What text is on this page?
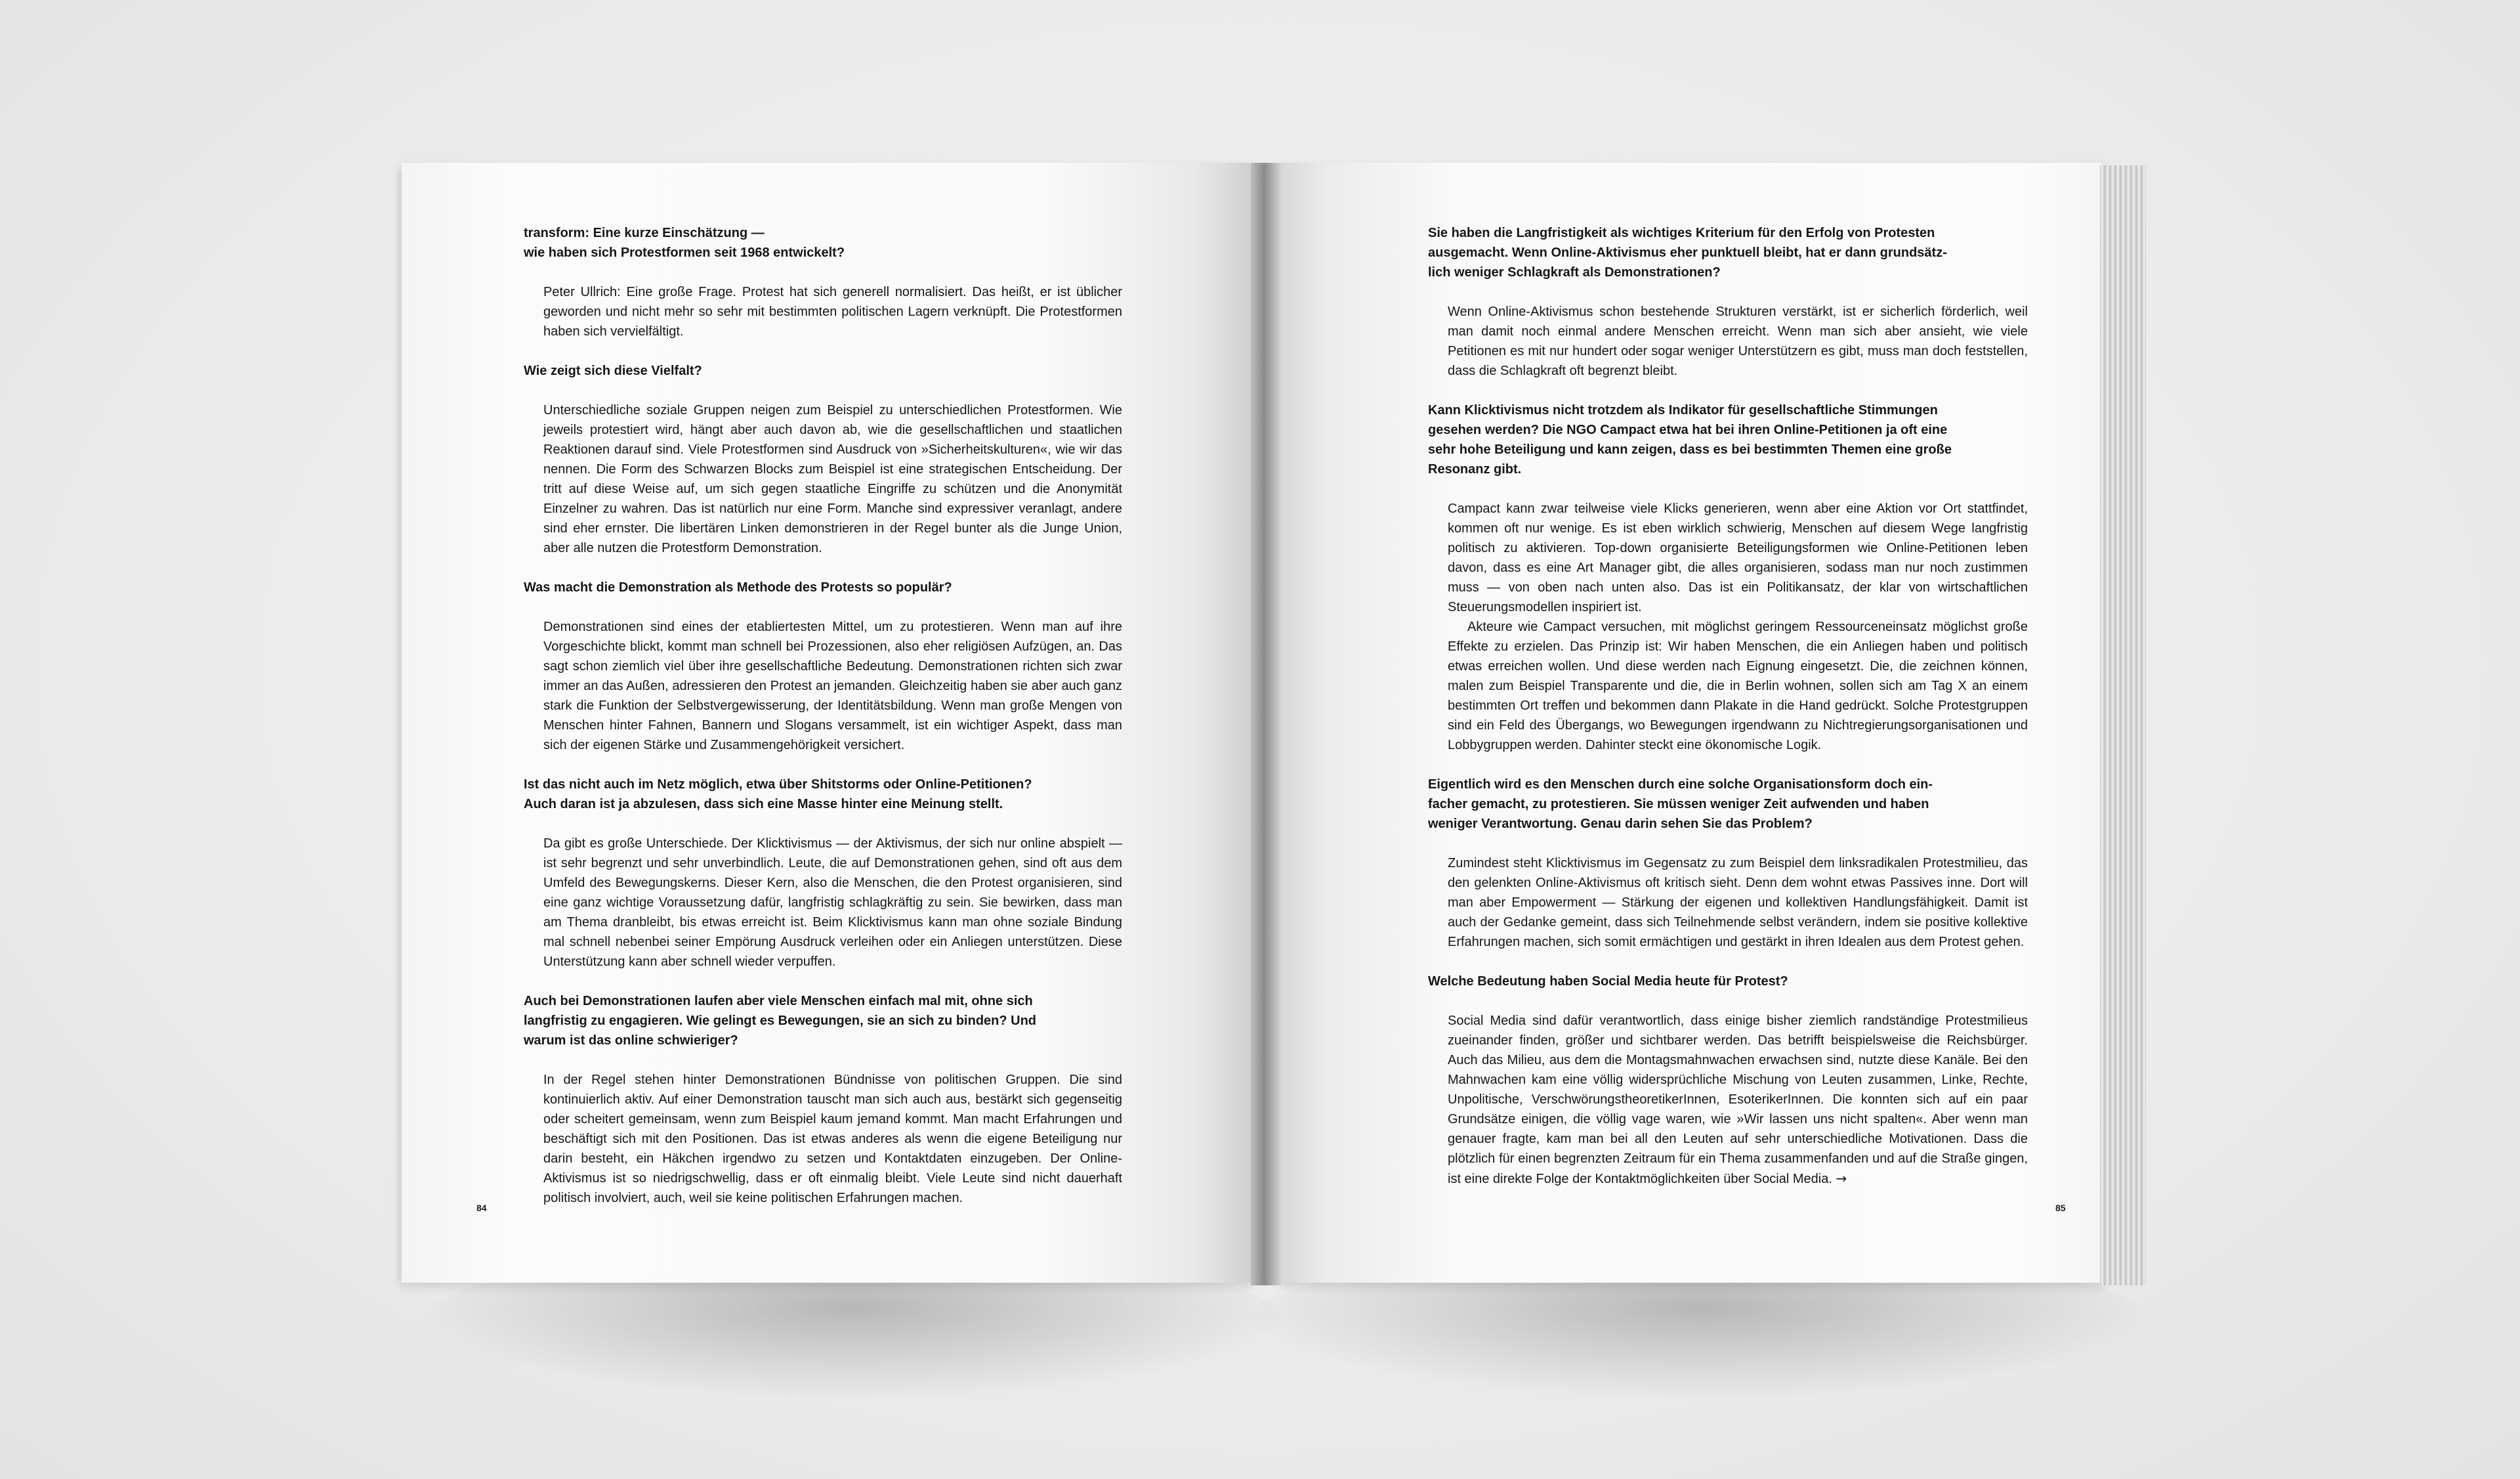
transform: Eine kurze Einschätzung —
wie haben sich Protestformen seit 1968 entwickelt?

Peter Ullrich: Eine große Frage. Protest hat sich generell normalisiert. Das heißt, er ist üblicher geworden und nicht mehr so sehr mit bestimmten politischen Lagern verknüpft. Die Protestformen haben sich vervielfältigt.

Wie zeigt sich diese Vielfalt?

Unterschiedliche soziale Gruppen neigen zum Beispiel zu unterschiedlichen Protestformen. Wie jeweils protestiert wird, hängt aber auch davon ab, wie die gesellschaftlichen und staatlichen Reaktionen darauf sind. Viele Protestformen sind Ausdruck von »Sicherheitskulturen«, wie wir das nennen. Die Form des Schwarzen Blocks zum Beispiel ist eine strategischen Entscheidung. Der tritt auf diese Weise auf, um sich gegen staatliche Eingriffe zu schützen und die Anonymität Einzelner zu wahren. Das ist natürlich nur eine Form. Manche sind expressiver veranlagt, andere sind eher ernster. Die libertären Linken demonstrieren in der Regel bunter als die Junge Union, aber alle nutzen die Protestform Demonstration.

Was macht die Demonstration als Methode des Protests so populär?

Demonstrationen sind eines der etabliertesten Mittel, um zu protestieren. Wenn man auf ihre Vorgeschichte blickt, kommt man schnell bei Prozessionen, also eher religiösen Aufzügen, an. Das sagt schon ziemlich viel über ihre gesellschaftliche Bedeutung. Demonstrationen richten sich zwar immer an das Außen, adressieren den Protest an jemanden. Gleichzeitig haben sie aber auch ganz stark die Funktion der Selbstvergewisserung, der Identitätsbildung. Wenn man große Mengen von Menschen hinter Fahnen, Bannern und Slogans versammelt, ist ein wichtiger Aspekt, dass man sich der eigenen Stärke und Zusammengehörigkeit versichert.

Ist das nicht auch im Netz möglich, etwa über Shitstorms oder Online-Petitionen?
Auch daran ist ja abzulesen, dass sich eine Masse hinter eine Meinung stellt.

Da gibt es große Unterschiede. Der Klicktivismus — der Aktivismus, der sich nur online abspielt — ist sehr begrenzt und sehr unverbindlich. Leute, die auf Demonstrationen gehen, sind oft aus dem Umfeld des Bewegungskerns. Dieser Kern, also die Menschen, die den Protest organisieren, sind eine ganz wichtige Voraussetzung dafür, langfristig schlagkräftig zu sein. Sie bewirken, dass man am Thema dranbleibt, bis etwas erreicht ist. Beim Klicktivismus kann man ohne soziale Bindung mal schnell nebenbei seiner Empörung Ausdruck verleihen oder ein Anliegen unterstützen. Diese Unterstützung kann aber schnell wieder verpuffen.

Auch bei Demonstrationen laufen aber viele Menschen einfach mal mit, ohne sich
langfristig zu engagieren. Wie gelingt es Bewegungen, sie an sich zu binden? Und
warum ist das online schwieriger?

In der Regel stehen hinter Demonstrationen Bündnisse von politischen Gruppen. Die sind kontinuierlich aktiv. Auf einer Demonstration tauscht man sich auch aus, bestärkt sich gegenseitig oder scheitert gemeinsam, wenn zum Beispiel kaum jemand kommt. Man macht Erfahrungen und beschäftigt sich mit den Positionen. Das ist etwas anderes als wenn die eigene Beteiligung nur darin besteht, ein Häkchen irgendwo zu setzen und Kontaktdaten einzugeben. Der Online-Aktivismus ist so niedrigschwellig, dass er oft einmalig bleibt. Viele Leute sind nicht dauerhaft politisch involviert, auch, weil sie keine politischen Erfahrungen machen.

84
Sie haben die Langfristigkeit als wichtiges Kriterium für den Erfolg von Protesten
ausgemacht. Wenn Online-Aktivismus eher punktuell bleibt, hat er dann grundsätz-
lich weniger Schlagkraft als Demonstrationen?

Wenn Online-Aktivismus schon bestehende Strukturen verstärkt, ist er sicherlich förderlich, weil man damit noch einmal andere Menschen erreicht. Wenn man sich aber ansieht, wie viele Petitionen es mit nur hundert oder sogar weniger Unterstützern es gibt, muss man doch feststellen, dass die Schlagkraft oft begrenzt bleibt.

Kann Klicktivismus nicht trotzdem als Indikator für gesellschaftliche Stimmungen
gesehen werden? Die NGO Campact etwa hat bei ihren Online-Petitionen ja oft eine
sehr hohe Beteiligung und kann zeigen, dass es bei bestimmten Themen eine große
Resonanz gibt.

Campact kann zwar teilweise viele Klicks generieren, wenn aber eine Aktion vor Ort stattfindet, kommen oft nur wenige. Es ist eben wirklich schwierig, Menschen auf diesem Wege langfristig politisch zu aktivieren. Top-down organisierte Beteiligungsformen wie Online-Petitionen leben davon, dass es eine Art Manager gibt, die alles organisieren, sodass man nur noch zustimmen muss — von oben nach unten also. Das ist ein Politikansatz, der klar von wirtschaftlichen Steuerungsmodellen inspiriert ist.

Akteure wie Campact versuchen, mit möglichst geringem Ressourceneinsatz möglichst große Effekte zu erzielen. Das Prinzip ist: Wir haben Menschen, die ein Anliegen haben und politisch etwas erreichen wollen. Und diese werden nach Eignung eingesetzt. Die, die zeichnen können, malen zum Beispiel Transparente und die, die in Berlin wohnen, sollen sich am Tag X an einem bestimmten Ort treffen und bekommen dann Plakate in die Hand gedrückt. Solche Protestgruppen sind ein Feld des Übergangs, wo Bewegungen irgendwann zu Nichtregierungsorganisationen und Lobbygruppen werden. Dahinter steckt eine ökonomische Logik.

Eigentlich wird es den Menschen durch eine solche Organisationsform doch ein-
facher gemacht, zu protestieren. Sie müssen weniger Zeit aufwenden und haben
weniger Verantwortung. Genau darin sehen Sie das Problem?

Zumindest steht Klicktivismus im Gegensatz zu zum Beispiel dem linksradikalen Protestmilieu, das den gelenkten Online-Aktivismus oft kritisch sieht. Denn dem wohnt etwas Passives inne. Dort will man aber Empowerment — Stärkung der eigenen und kollektiven Handlungsfähigkeit. Damit ist auch der Gedanke gemeint, dass sich Teilnehmende selbst verändern, indem sie positive kollektive Erfahrungen machen, sich somit ermächtigen und gestärkt in ihren Idealen aus dem Protest gehen.

Welche Bedeutung haben Social Media heute für Protest?

Social Media sind dafür verantwortlich, dass einige bisher ziemlich randständige Protestmilieus zueinander finden, größer und sichtbarer werden. Das betrifft beispielsweise die Reichsbürger. Auch das Milieu, aus dem die Montagsmahnwachen erwachsen sind, nutzte diese Kanäle. Bei den Mahnwachen kam eine völlig widersprüchliche Mischung von Leuten zusammen, Linke, Rechte, Unpolitische, VerschwörungstheoretikerInnen, EsoterikerInnen. Die konnten sich auf ein paar Grundsätze einigen, die völlig vage waren, wie »Wir lassen uns nicht spalten«. Aber wenn man genauer fragte, kam man bei all den Leuten auf sehr unterschiedliche Motivationen. Dass die plötzlich für einen begrenzten Zeitraum für ein Thema zusammenfanden und auf die Straße gingen, ist eine direkte Folge der Kontaktmöglichkeiten über Social Media. →

85
